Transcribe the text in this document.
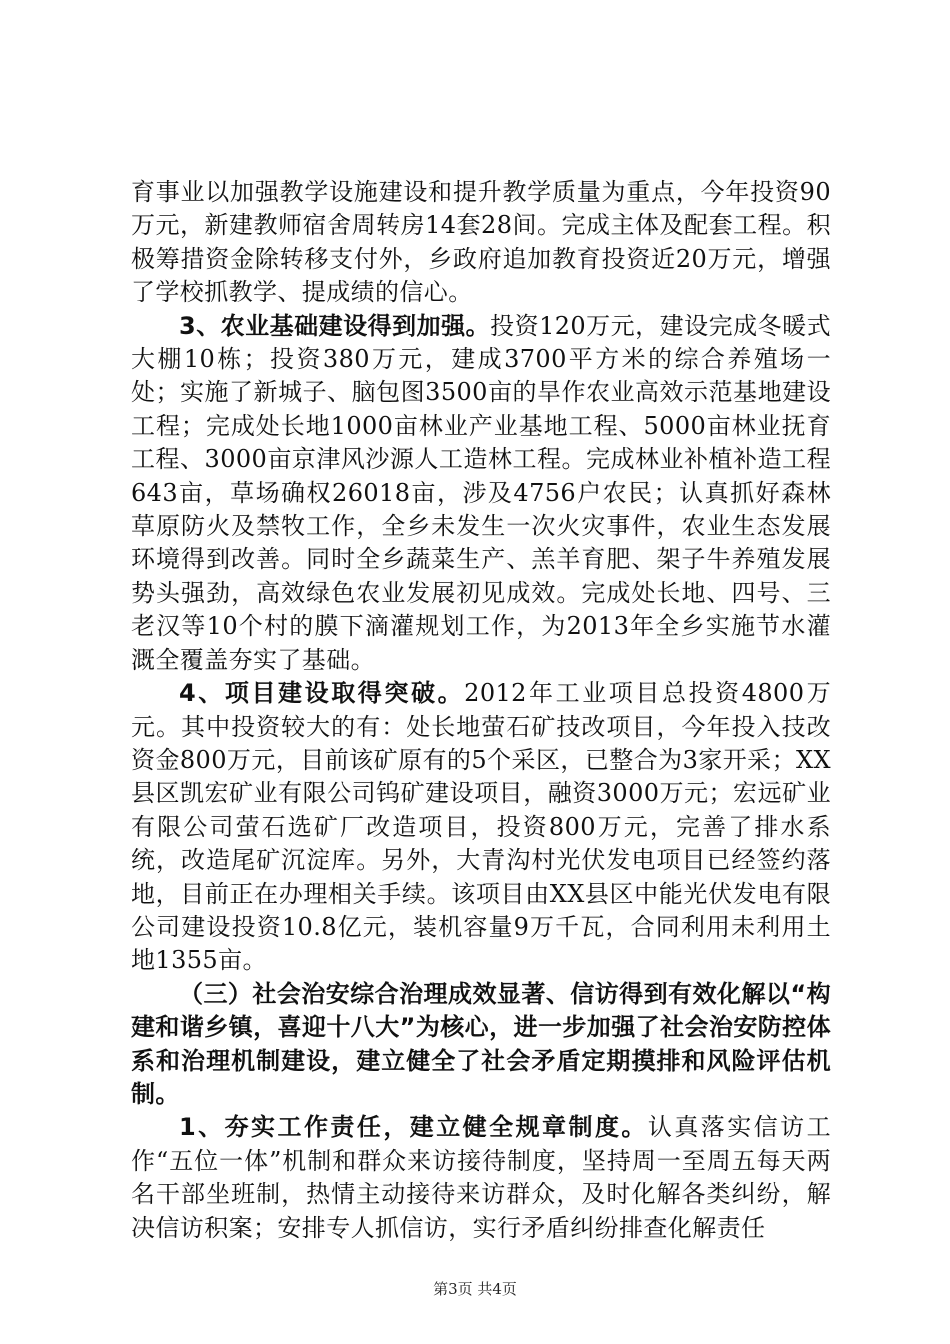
育事业以加强教学设施建设和提升教学质量为重点，今年投资90万元，新建教师宿舍周转房14套28间。完成主体及配套工程。积极筹措资金除转移支付外，乡政府追加教育投资近20万元，增强了学校抓教学、提成绩的信心。

3、农业基础建设得到加强。投资120万元，建设完成冬暖式大棚10栋；投资380万元，建成3700平方米的综合养殖场一处；实施了新城子、脑包图3500亩的旱作农业高效示范基地建设工程；完成处长地1000亩林业产业基地工程、5000亩林业抚育工程、3000亩京津风沙源人工造林工程。完成林业补植补造工程643亩，草场确权26018亩，涉及4756户农民；认真抓好森林草原防火及禁牧工作，全乡未发生一次火灾事件，农业生态发展环境得到改善。同时全乡蔬菜生产、羔羊育肥、架子牛养殖发展势头强劲，高效绿色农业发展初见成效。完成处长地、四号、三老汉等10个村的膜下滴灌规划工作，为2013年全乡实施节水灌溉全覆盖夯实了基础。

4、项目建设取得突破。2012年工业项目总投资4800万元。其中投资较大的有：处长地萤石矿技改项目，今年投入技改资金800万元，目前该矿原有的5个采区，已整合为3家开采；XX县区凯宏矿业有限公司钨矿建设项目，融资3000万元；宏远矿业有限公司萤石选矿厂改造项目，投资800万元，完善了排水系统，改造尾矿沉淀库。另外，大青沟村光伏发电项目已经签约落地，目前正在办理相关手续。该项目由XX县区中能光伏发电有限公司建设投资10.8亿元，装机容量9万千瓦，合同利用未利用土地1355亩。

（三）社会治安综合治理成效显著、信访得到有效化解以“构建和谐乡镇，喜迎十八大”为核心，进一步加强了社会治安防控体系和治理机制建设，建立健全了社会矛盾定期摸排和风险评估机制。

1、夯实工作责任，建立健全规章制度。认真落实信访工作“五位一体”机制和群众来访接待制度，坚持周一至周五每天两名干部坐班制，热情主动接待来访群众，及时化解各类纠纷，解决信访积案；安排专人抓信访，实行矛盾纠纷排查化解责任

第3页 共4页
